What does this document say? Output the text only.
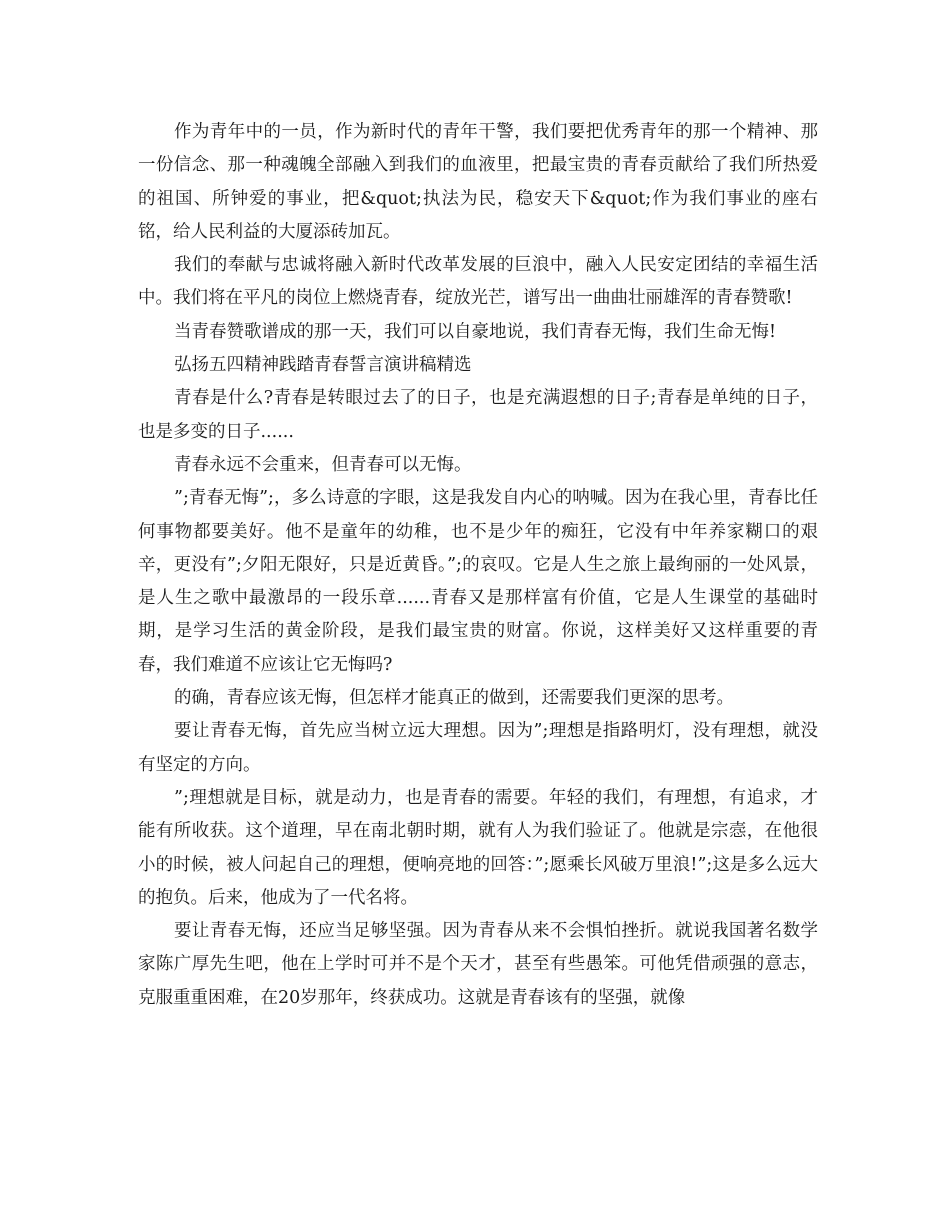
作为青年中的一员，作为新时代的青年干警，我们要把优秀青年的那一个精神、那一份信念、那一种魂魄全部融入到我们的血液里，把最宝贵的青春贡献给了我们所热爱的祖国、所钟爱的事业，把&quot;执法为民，稳安天下&quot;作为我们事业的座右铭，给人民利益的大厦添砖加瓦。

我们的奉献与忠诚将融入新时代改革发展的巨浪中，融入人民安定团结的幸福生活中。我们将在平凡的岗位上燃烧青春，绽放光芒，谱写出一曲曲壮丽雄浑的青春赞歌!

当青春赞歌谱成的那一天，我们可以自豪地说，我们青春无悔，我们生命无悔!

弘扬五四精神践踏青春誓言演讲稿精选

青春是什么?青春是转眼过去了的日子，也是充满遐想的日子;青春是单纯的日子，也是多变的日子......

青春永远不会重来，但青春可以无悔。

”;青春无悔”;，多么诗意的字眼，这是我发自内心的呐喊。因为在我心里，青春比任何事物都要美好。他不是童年的幼稚，也不是少年的痴狂，它没有中年养家糊口的艰辛，更没有”;夕阳无限好，只是近黄昏。”;的哀叹。它是人生之旅上最绚丽的一处风景，是人生之歌中最激昂的一段乐章......青春又是那样富有价值，它是人生课堂的基础时期，是学习生活的黄金阶段，是我们最宝贵的财富。你说，这样美好又这样重要的青春，我们难道不应该让它无悔吗?

的确，青春应该无悔，但怎样才能真正的做到，还需要我们更深的思考。

要让青春无悔，首先应当树立远大理想。因为”;理想是指路明灯，没有理想，就没有坚定的方向。

”;理想就是目标，就是动力，也是青春的需要。年轻的我们，有理想，有追求，才能有所收获。这个道理，早在南北朝时期，就有人为我们验证了。他就是宗悫，在他很小的时候，被人问起自己的理想，便响亮地的回答：”;愿乘长风破万里浪!”;这是多么远大的抱负。后来，他成为了一代名将。

要让青春无悔，还应当足够坚强。因为青春从来不会惧怕挫折。就说我国著名数学家陈广厚先生吧，他在上学时可并不是个天才，甚至有些愚笨。可他凭借顽强的意志，克服重重困难，在20岁那年，终获成功。这就是青春该有的坚强，就像
